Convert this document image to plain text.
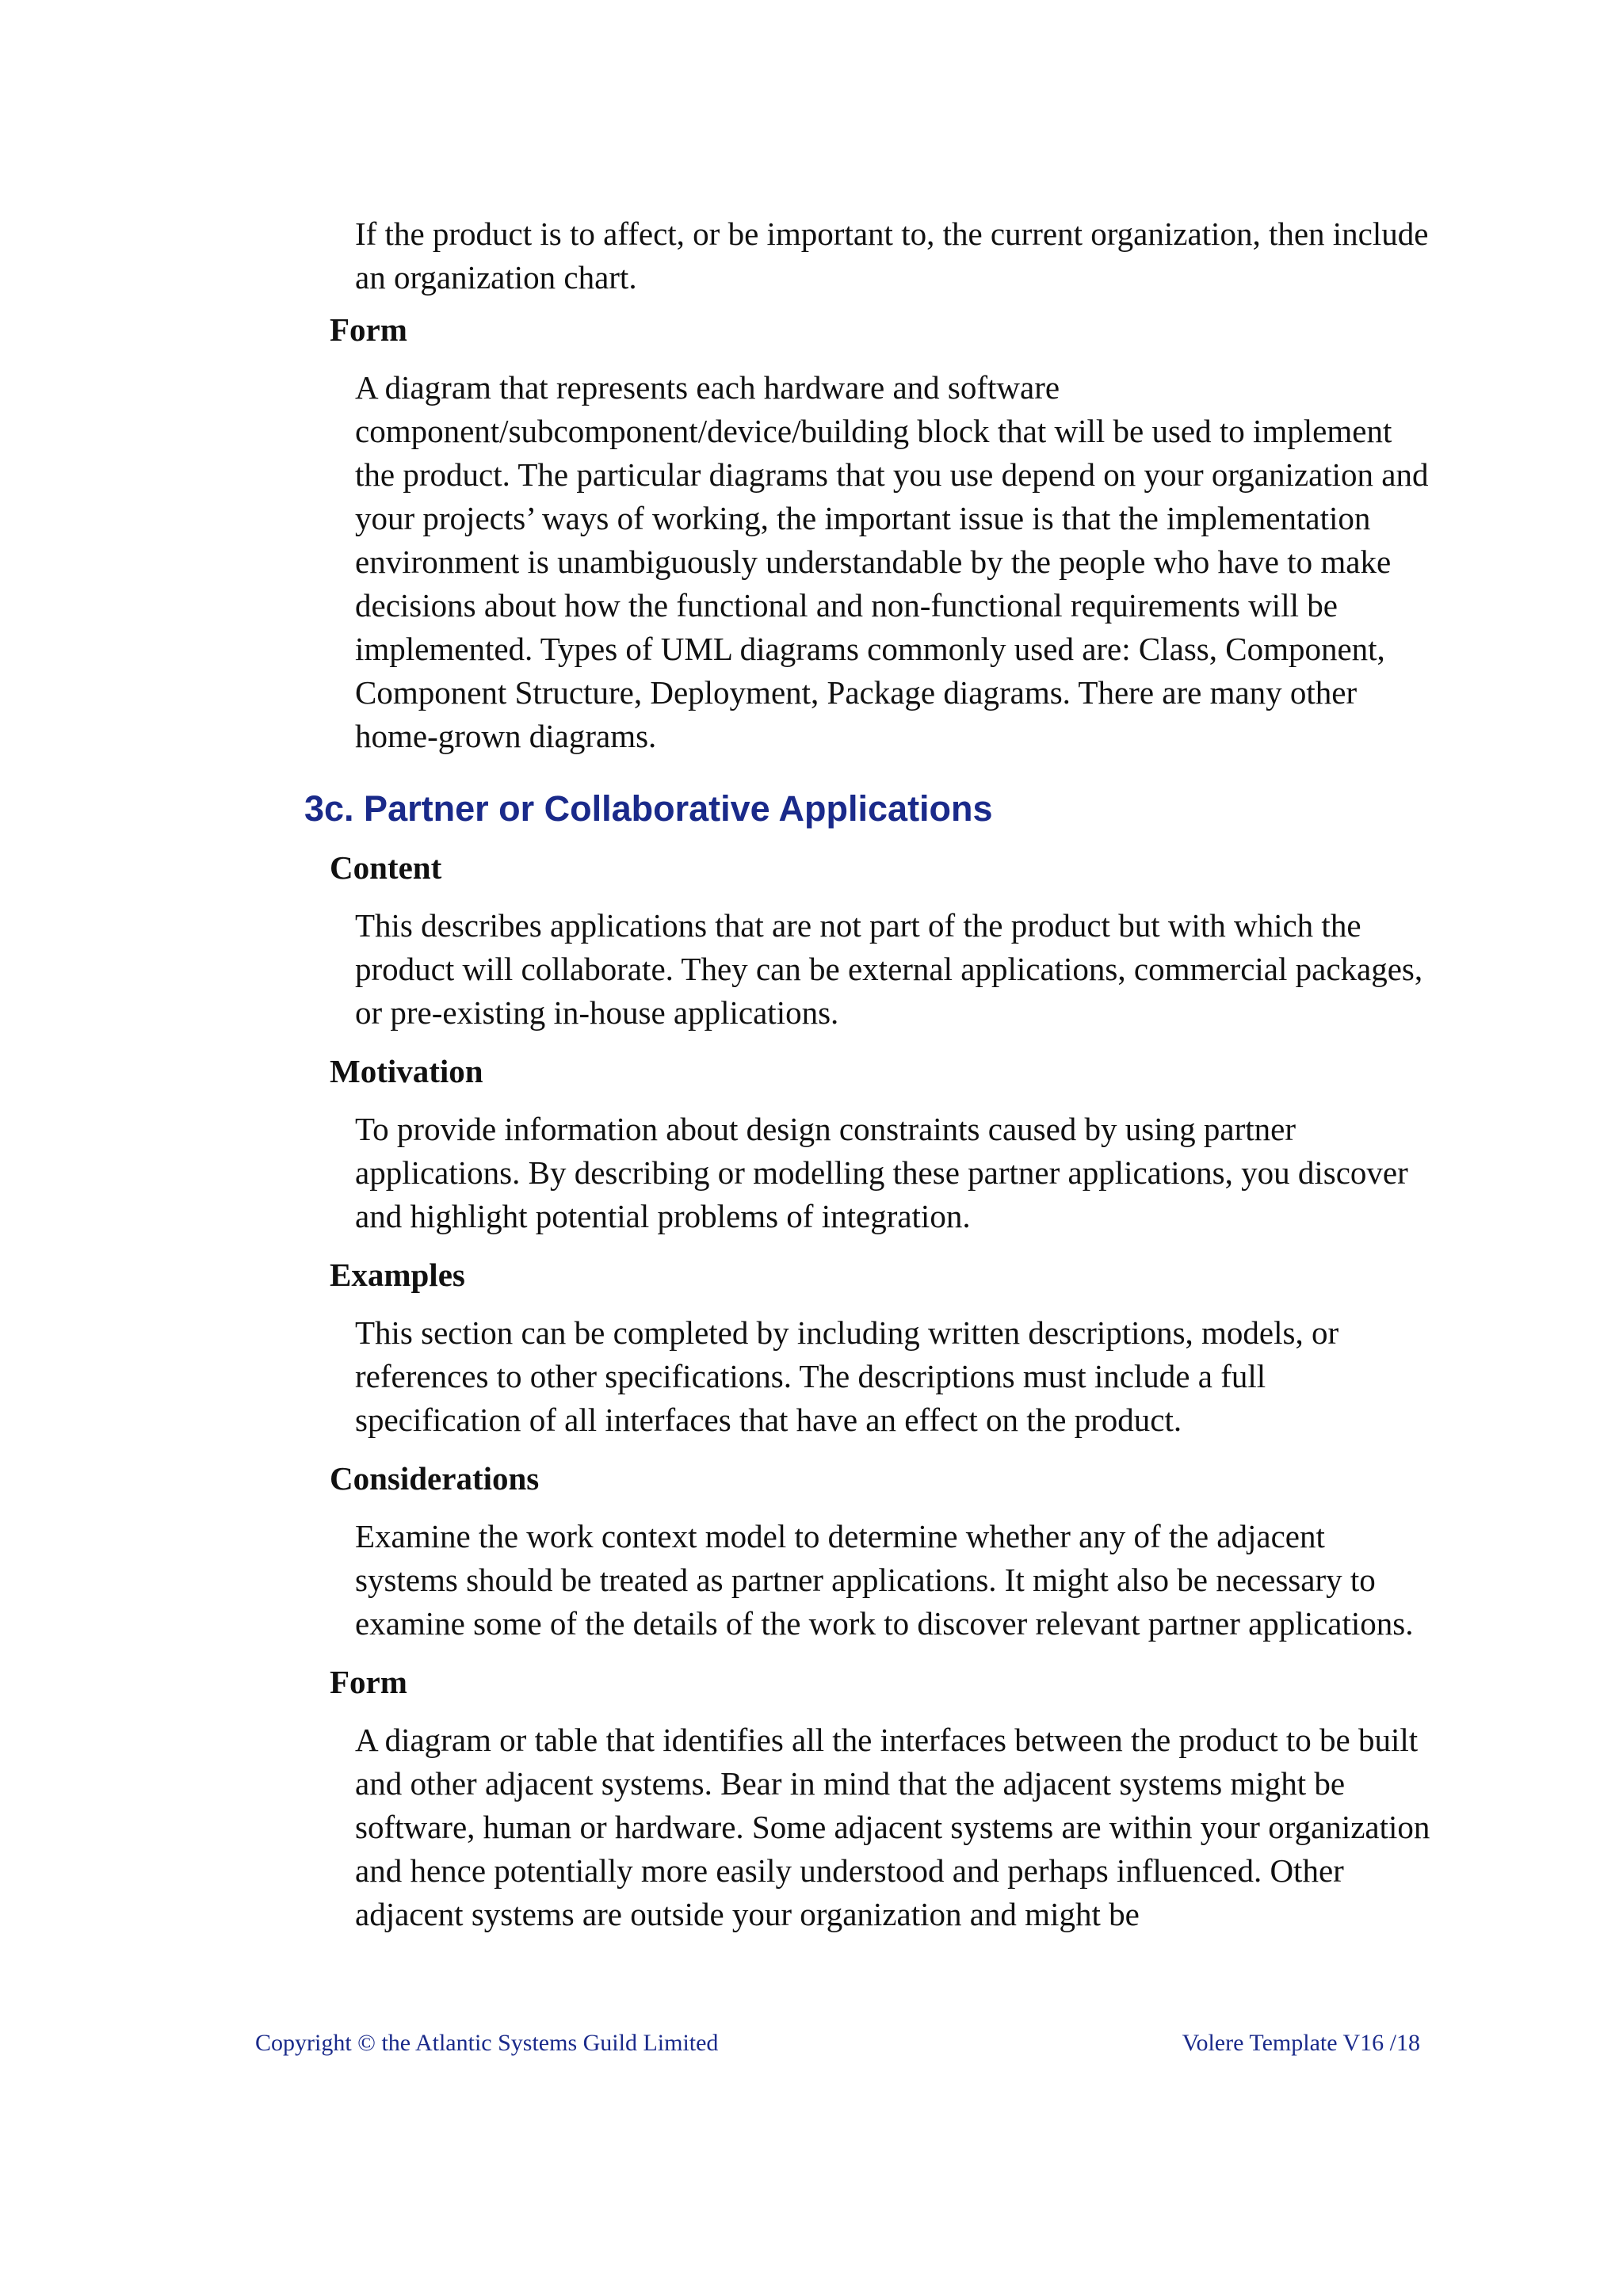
If the product is to affect, or be important to, the current organization, then include an organization chart.

Form

A diagram that represents each hardware and software component/subcomponent/device/building block that will be used to implement the product. The particular diagrams that you use depend on your organization and your projects’ ways of working, the important issue is that the implementation environment is unambiguously understandable by the people who have to make decisions about how the functional and non-functional requirements will be implemented. Types of UML diagrams commonly used are: Class, Component, Component Structure, Deployment, Package diagrams. There are many other home-grown diagrams.

3c. Partner or Collaborative Applications
Content

This describes applications that are not part of the product but with which the product will collaborate. They can be external applications, commercial packages, or pre-existing in-house applications.

Motivation

To provide information about design constraints caused by using partner applications. By describing or modelling these partner applications, you discover and highlight potential problems of integration.

Examples

This section can be completed by including written descriptions, models, or references to other specifications. The descriptions must include a full specification of all interfaces that have an effect on the product.

Considerations

Examine the work context model to determine whether any of the adjacent systems should be treated as partner applications. It might also be necessary to examine some of the details of the work to discover relevant partner applications.

Form

A diagram or table that identifies all the interfaces between the product to be built and other adjacent systems. Bear in mind that the adjacent systems might be software, human or hardware. Some adjacent systems are within your organization and hence potentially more easily understood and perhaps influenced. Other adjacent systems are outside your organization and might be

Copyright © the Atlantic Systems Guild Limited	Volere Template V16 /18
